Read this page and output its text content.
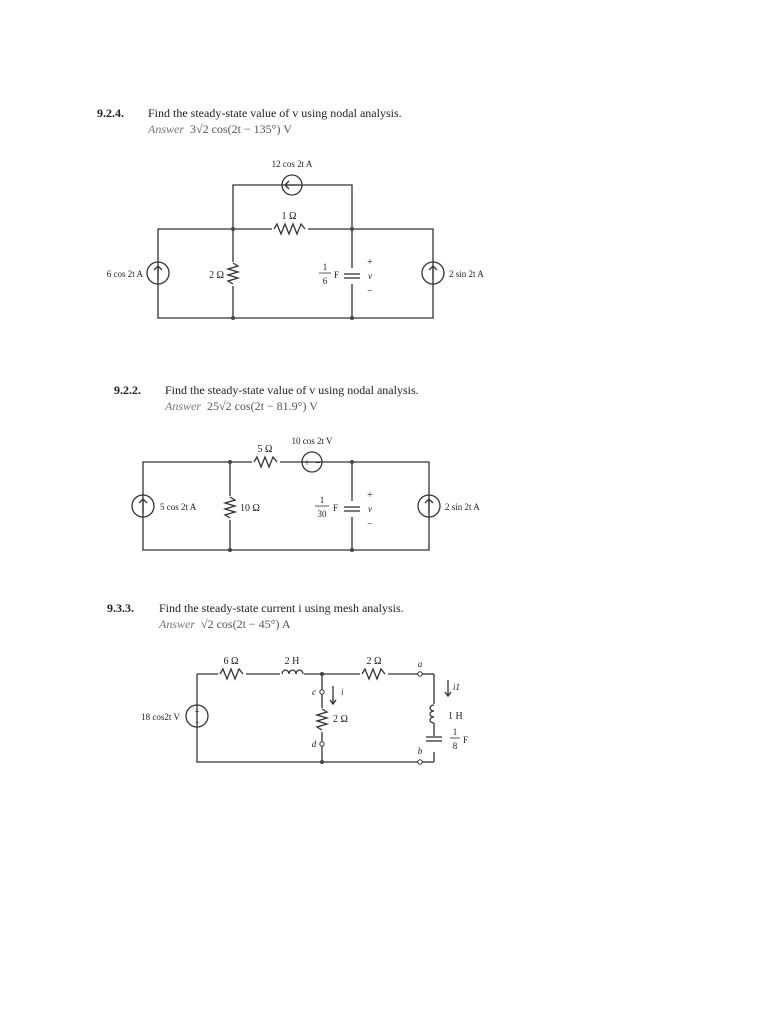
9.2.4. Find the steady-state value of v using nodal analysis.
Answer 3√2 cos(2t − 135°) V
12 cos 2t A
1 Ω
6 cos 2t A	2 Ω
1
6
F
+
v
−
2 sin 2t A
9.2.2. Find the steady-state value of v using nodal analysis.
Answer 25√2 cos(2t − 81.9°) V
+ −
5 Ω
10 cos 2t V
5 cos 2t A	10 Ω
1
30
F
+
v
−
2 sin 2t A
9.3.3. Find the steady-state current i using mesh analysis.
Answer √2 cos(2t − 45°) A
+
−
6 Ω	2 H	2 Ω	a
b
c
d
i	i1
2 Ω	1 H
1
8
F
18 cos2t V
